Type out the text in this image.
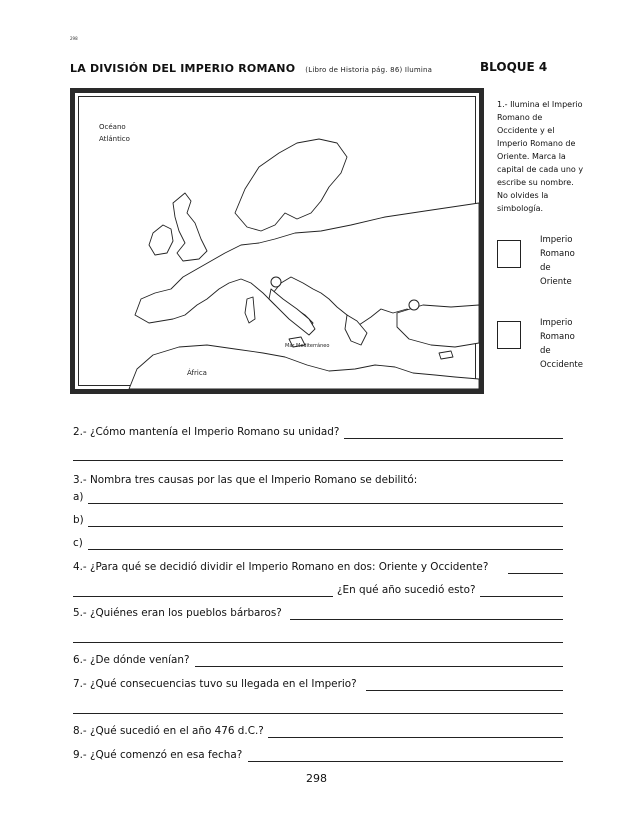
298
LA DIVISIÓN DEL IMPERIO ROMANO (Libro de Historia pág. 86) Ilumina	BLOQUE 4
Océano
Atlántico
Mar Mediterráneo
África
1.- Ilumina el Imperio
Romano de
Occidente y el
Imperio Romano de
Oriente. Marca la
capital de cada uno y
escribe su nombre.
No olvides la
simbología.
Imperio
Romano
de
Oriente
Imperio
Romano
de
Occidente
2.- ¿Cómo mantenía el Imperio Romano su unidad?
3.- Nombra tres causas por las que el Imperio Romano se debilitó:
a)
b)
c)
4.- ¿Para qué se decidió dividir el Imperio Romano en dos: Oriente y Occidente?
¿En qué año sucedió esto?
5.- ¿Quiénes eran los pueblos bárbaros?
6.- ¿De dónde venían?
7.- ¿Qué consecuencias tuvo su llegada en el Imperio?
8.- ¿Qué sucedió en el año 476 d.C.?
9.- ¿Qué comenzó en esa fecha?
298
